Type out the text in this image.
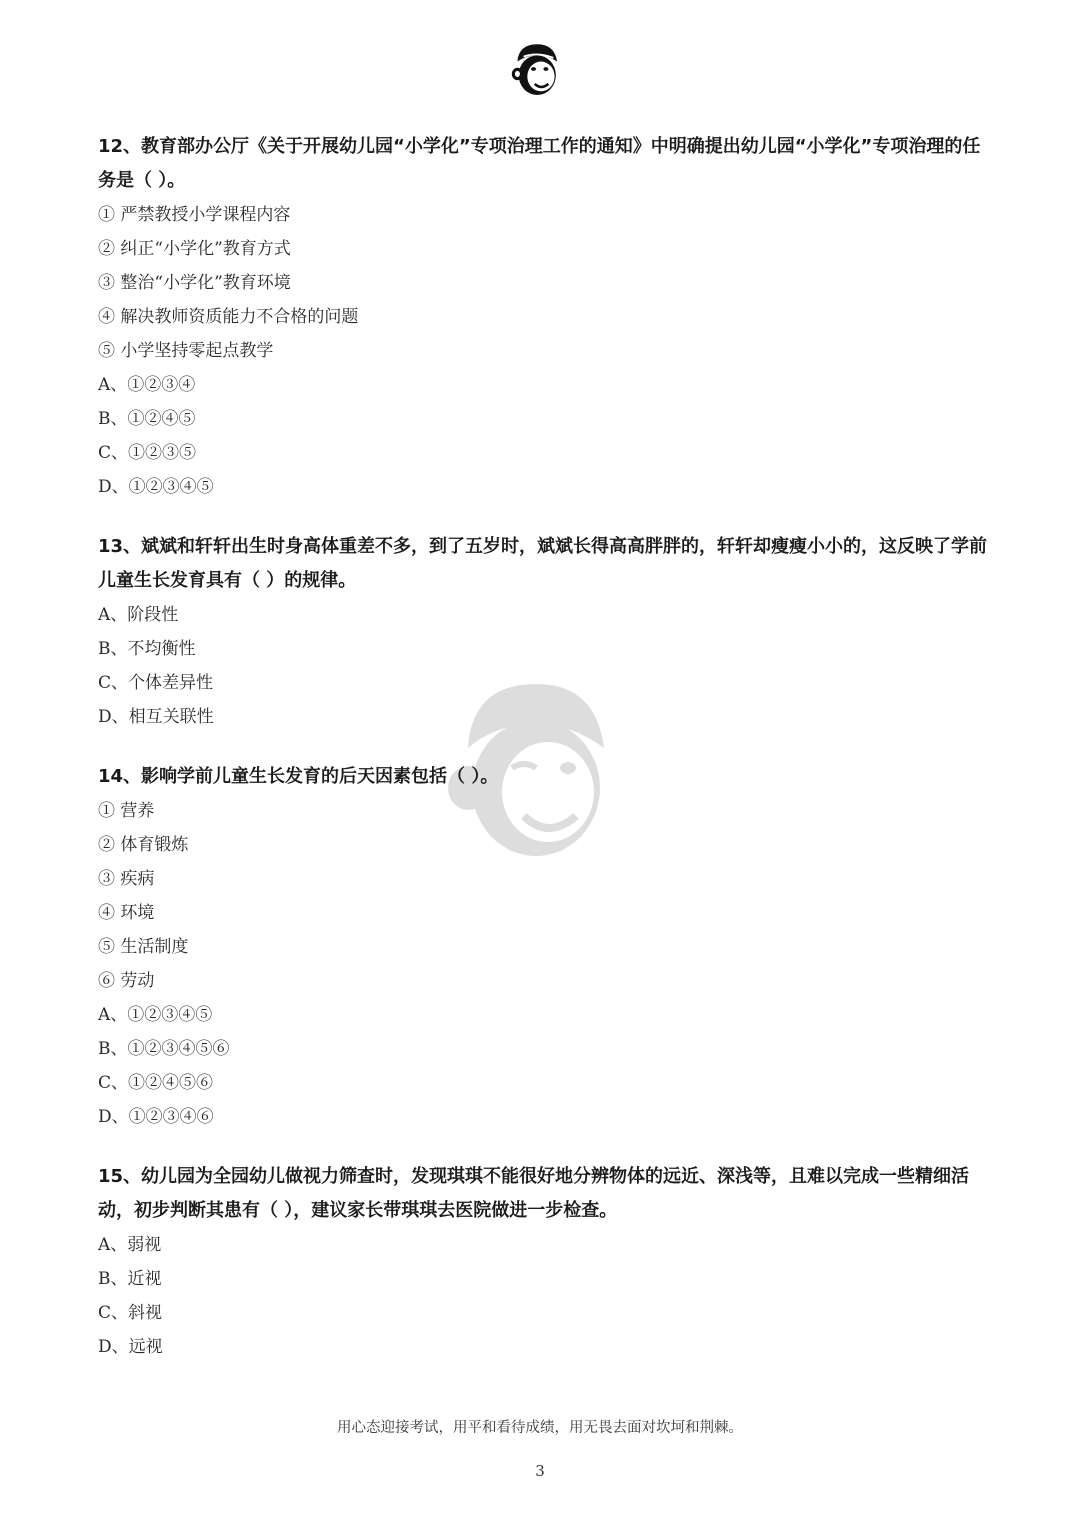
12、教育部办公厅《关于开展幼儿园“小学化”专项治理工作的通知》中明确提出幼儿园“小学化”专项治理的任务是（ ）。

① 严禁教授小学课程内容
② 纠正“小学化”教育方式
③ 整治“小学化”教育环境
④ 解决教师资质能力不合格的问题
⑤ 小学坚持零起点教学
A、①②③④
B、①②④⑤
C、①②③⑤
D、①②③④⑤

13、斌斌和轩轩出生时身高体重差不多，到了五岁时，斌斌长得高高胖胖的，轩轩却瘦瘦小小的，这反映了学前儿童生长发育具有（ ）的规律。

A、阶段性
B、不均衡性
C、个体差异性
D、相互关联性

14、影响学前儿童生长发育的后天因素包括（ ）。

① 营养
② 体育锻炼
③ 疾病
④ 环境
⑤ 生活制度
⑥ 劳动
A、①②③④⑤
B、①②③④⑤⑥
C、①②④⑤⑥
D、①②③④⑥

15、幼儿园为全园幼儿做视力筛查时，发现琪琪不能很好地分辨物体的远近、深浅等，且难以完成一些精细活动，初步判断其患有（ ），建议家长带琪琪去医院做进一步检查。

A、弱视
B、近视
C、斜视
D、远视
用心态迎接考试，用平和看待成绩，用无畏去面对坎坷和荆棘。
3
